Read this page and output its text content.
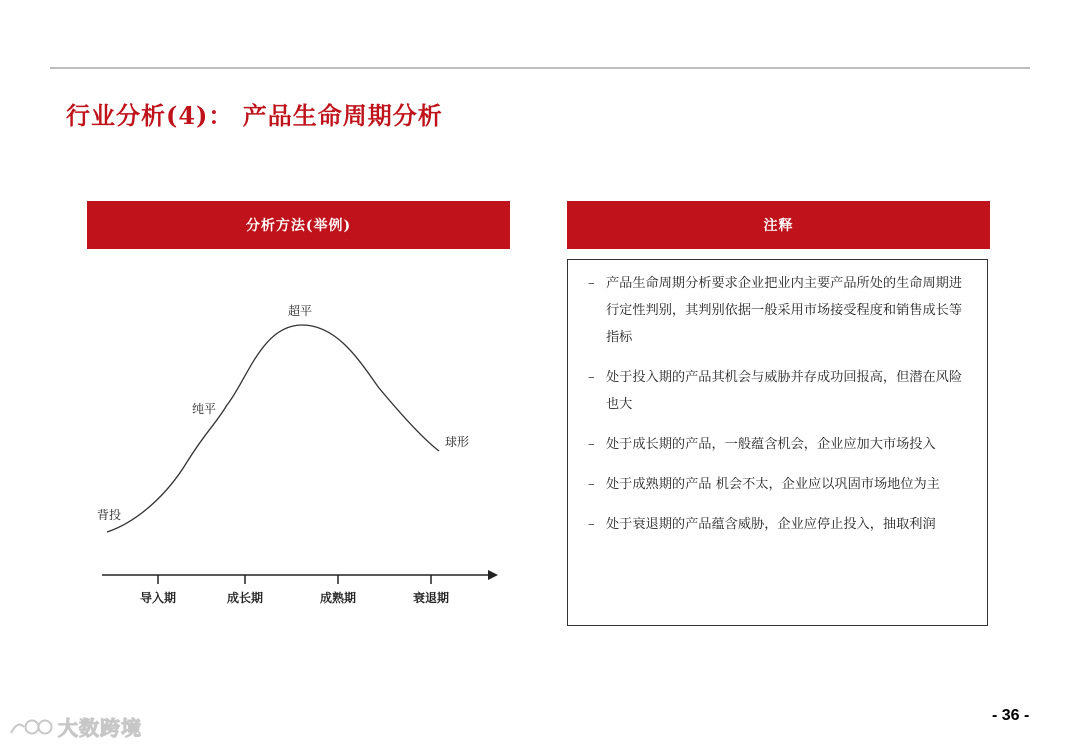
行业分析(4)： 产品生命周期分析
分析方法(举例)	注释
背投
纯平
超平
球形
导入期	成长期	成熟期	衰退期
– 产品生命周期分析要求企业把业内主要产品所处的生命周期进行定性判别，其判别依据一般采用市场接受程度和销售成长等指标
– 处于投入期的产品其机会与威胁并存成功回报高，但潜在风险也大
– 处于成长期的产品，一般蕴含机会，企业应加大市场投入
– 处于成熟期的产品 机会不太，企业应以巩固市场地位为主
– 处于衰退期的产品蕴含威胁，企业应停止投入，抽取利润
- 36 -
大数跨境
